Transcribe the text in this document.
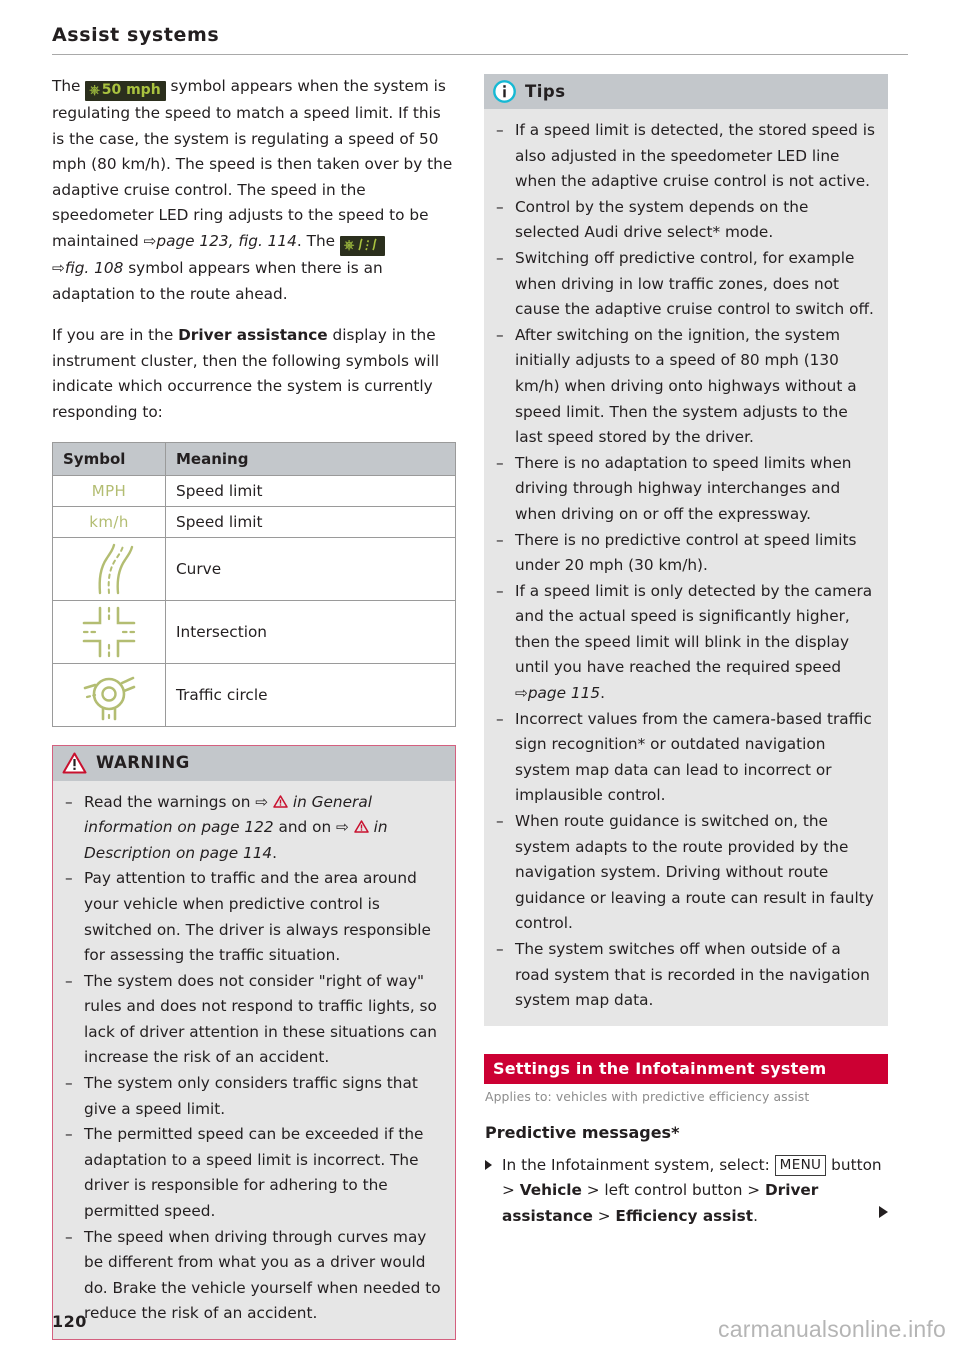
Assist systems

The ⎈ 50 mph symbol appears when the system is regulating the speed to match a speed limit. If this is the case, the system is regulating a speed of 50 mph (80 km/h). The speed is then taken over by the adaptive cruise control. The speed in the speedometer LED ring adjusts to the speed to be maintained ⇨page 123, fig. 114. The ⎈
⇨fig. 108 symbol appears when there is an adaptation to the route ahead.

If you are in the Driver assistance display in the instrument cluster, then the following symbols will indicate which occurrence the system is currently responding to:

Symbol	Meaning
MPH	Speed limit
km/h	Speed limit

	Curve

	Intersection

	Traffic circle
WARNING
– Read the warnings on ⇨ in General information on page 122 and on ⇨ in Description on page 114.
– Pay attention to traffic and the area around your vehicle when predictive control is switched on. The driver is always responsible for assessing the traffic situation.
– The system does not consider "right of way" rules and does not respond to traffic lights, so lack of driver attention in these situations can increase the risk of an accident.
– The system only considers traffic signs that give a speed limit.
– The permitted speed can be exceeded if the adaptation to a speed limit is incorrect. The driver is responsible for adhering to the permitted speed.
– The speed when driving through curves may be different from what you as a driver would do. Brake the vehicle yourself when needed to reduce the risk of an accident.
Tips
– If a speed limit is detected, the stored speed is also adjusted in the speedometer LED line when the adaptive cruise control is not active.
– Control by the system depends on the selected Audi drive select* mode.
– Switching off predictive control, for example when driving in low traffic zones, does not cause the adaptive cruise control to switch off.
– After switching on the ignition, the system initially adjusts to a speed of 80 mph (130 km/h) when driving onto highways without a speed limit. Then the system adjusts to the last speed stored by the driver.
– There is no adaptation to speed limits when driving through highway interchanges and when driving on or off the expressway.
– There is no predictive control at speed limits under 20 mph (30 km/h).
– If a speed limit is only detected by the camera and the actual speed is significantly higher, then the speed limit will blink in the display until you have reached the required speed ⇨page 115.
– Incorrect values from the camera-based traffic sign recognition* or outdated navigation system map data can lead to incorrect or implausible control.
– When route guidance is switched on, the system adapts to the route provided by the navigation system. Driving without route guidance or leaving a route can result in faulty control.
– The system switches off when outside of a road system that is recorded in the navigation system map data.
Settings in the Infotainment system
Applies to: vehicles with predictive efficiency assist
Predictive messages*
In the Infotainment system, select: MENU button > Vehicle > left control button > Driver assistance > Efficiency assist.
120	carmanualsonline.info
